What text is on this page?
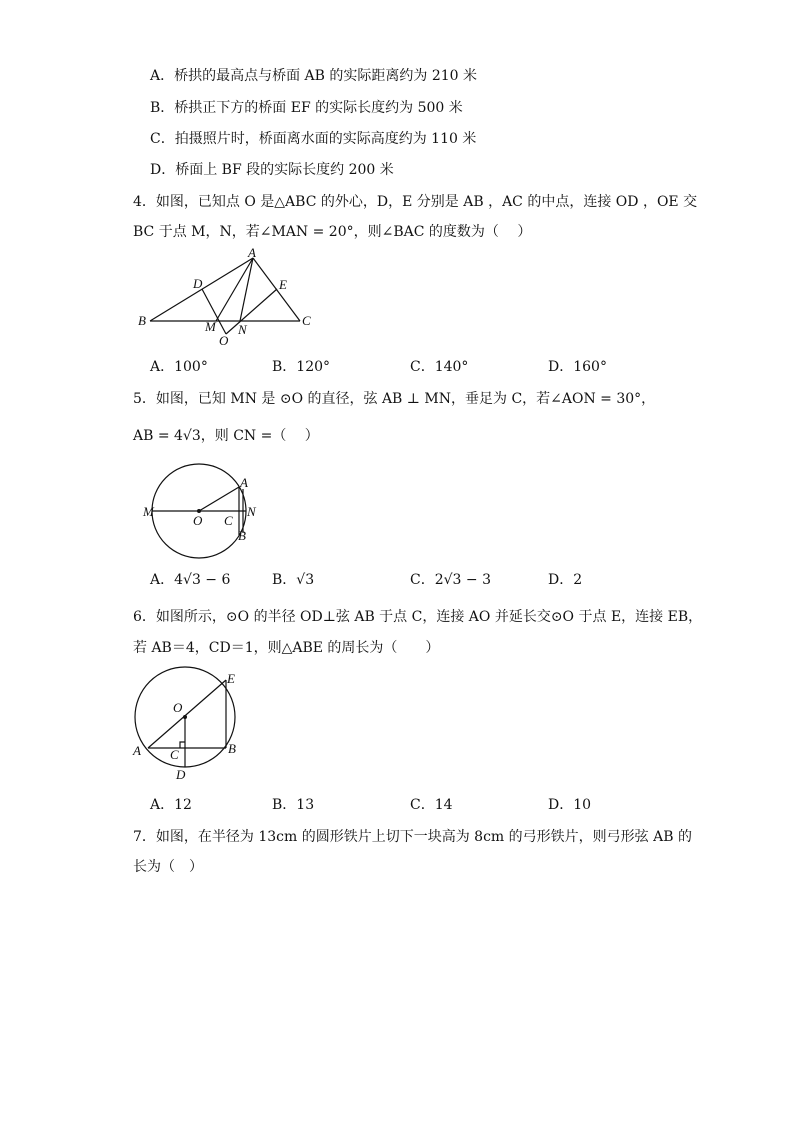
A．桥拱的最高点与桥面 AB 的实际距离约为 210 米
B．桥拱正下方的桥面 EF 的实际长度约为 500 米
C．拍摄照片时，桥面离水面的实际高度约为 110 米
D．桥面上 BF 段的实际长度约 200 米
4．如图，已知点 O 是△ABC 的外心，D，E 分别是 AB ，AC 的中点，连接 OD ，OE 交
BC 于点 M，N，若∠MAN = 20°，则∠BAC 的度数为（　 ）
A
D	E
B	C
M N
O
A．100°	B．120°	C．140°	D．160°
5．如图，已知 MN 是 ⊙O 的直径，弦 AB ⊥ MN，垂足为 C，若∠AON = 30°，
AB = 4√3，则 CN =（　 ）
M
O C
N
A
B
A．4√3 − 6	B．√3	C．2√3 − 3	D．2
6．如图所示，⊙O 的半径 OD⊥弦 AB 于点 C，连接 AO 并延长交⊙O 于点 E，连接 EB，
若 AB＝4，CD＝1，则△ABE 的周长为（　　）
E
O
A C	B
D
A．12	B．13	C．14	D．10
7．如图，在半径为 13cm 的圆形铁片上切下一块高为 8cm 的弓形铁片，则弓形弦 AB 的
长为（　）
